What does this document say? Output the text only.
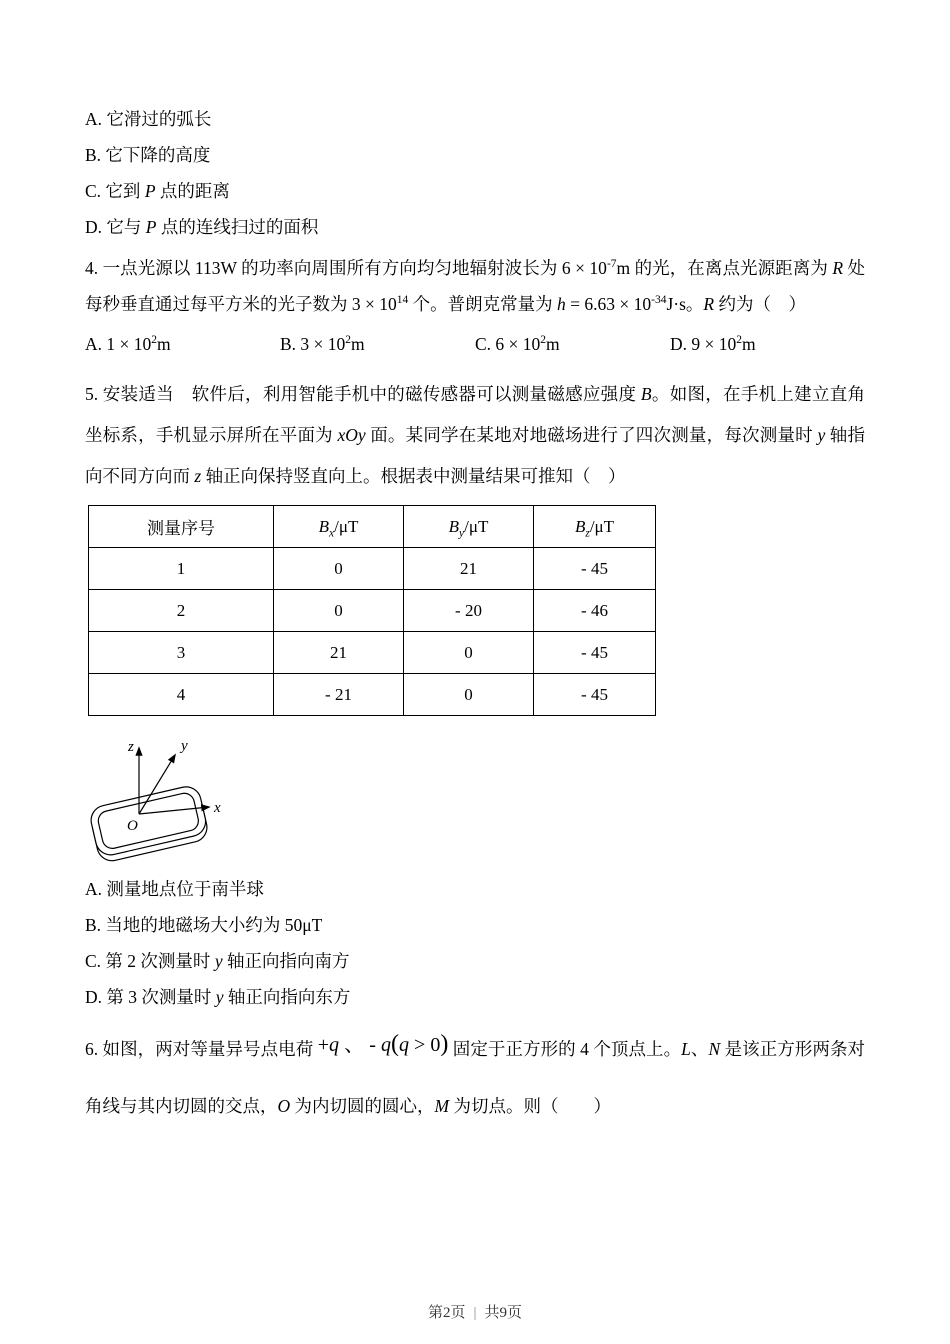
A. 它滑过的弧长
B. 它下降的高度
C. 它到 P 点的距离
D. 它与 P 点的连线扫过的面积

4. 一点光源以 113W 的功率向周围所有方向均匀地辐射波长为 $6 \times 10^{-7}m$ 的光，在离点光源距离为 R 处每秒垂直通过每平方米的光子数为 $3 \times 10^{14}$ 个。普朗克常量为 $h = 6.63 \times 10^{-34}J\cdot s$。R 约为（　）

A. $1 \times 10^2m$	B. $3 \times 10^2m$	C. $6 \times 10^2m$	D. $9 \times 10^2m$

5. 安装适当　软件后，利用智能手机中的磁传感器可以测量磁感应强度 B。如图，在手机上建立直角坐标系，手机显示屏所在平面为 xOy 面。某同学在某地对地磁场进行了四次测量，每次测量时 y 轴指向不同方向而 z 轴正向保持竖直向上。根据表中测量结果可推知（　）

测量序号	$B_x/\mu T$	$B_y/\mu T$	$B_z/\mu T$
1	0	21	- 45
2	0	- 20	- 46
3	21	0	- 45
4	- 21	0	- 45
z	y
x
O
A. 测量地点位于南半球
B. 当地的地磁场大小约为 50μT
C. 第 2 次测量时 y 轴正向指向南方
D. 第 3 次测量时 y 轴正向指向东方

6. 如图，两对等量异号点电荷 +q 、 - q(q > 0) 固定于正方形的 4 个顶点上。L、N 是该正方形两条对角线与其内切圆的交点，O 为内切圆的圆心，M 为切点。则（　　）

第2页 | 共9页
